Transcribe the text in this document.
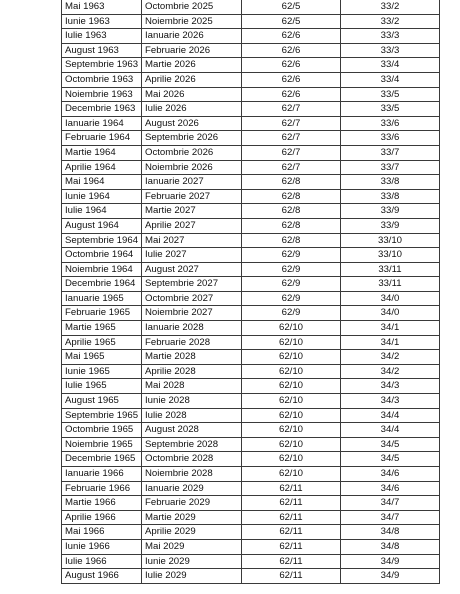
Mai 1963	Octombrie 2025	62/5	33/2
Iunie 1963	Noiembrie 2025	62/5	33/2
Iulie 1963	Ianuarie 2026	62/6	33/3
August 1963	Februarie 2026	62/6	33/3
Septembrie 1963	Martie 2026	62/6	33/4
Octombrie 1963	Aprilie 2026	62/6	33/4
Noiembrie 1963	Mai 2026	62/6	33/5
Decembrie 1963	Iulie 2026	62/7	33/5
Ianuarie 1964	August 2026	62/7	33/6
Februarie 1964	Septembrie 2026	62/7	33/6
Martie 1964	Octombrie 2026	62/7	33/7
Aprilie 1964	Noiembrie 2026	62/7	33/7
Mai 1964	Ianuarie 2027	62/8	33/8
Iunie 1964	Februarie 2027	62/8	33/8
Iulie 1964	Martie 2027	62/8	33/9
August 1964	Aprilie 2027	62/8	33/9
Septembrie 1964	Mai 2027	62/8	33/10
Octombrie 1964	Iulie 2027	62/9	33/10
Noiembrie 1964	August 2027	62/9	33/11
Decembrie 1964	Septembrie 2027	62/9	33/11
Ianuarie 1965	Octombrie 2027	62/9	34/0
Februarie 1965	Noiembrie 2027	62/9	34/0
Martie 1965	Ianuarie 2028	62/10	34/1
Aprilie 1965	Februarie 2028	62/10	34/1
Mai 1965	Martie 2028	62/10	34/2
Iunie 1965	Aprilie 2028	62/10	34/2
Iulie 1965	Mai 2028	62/10	34/3
August 1965	Iunie 2028	62/10	34/3
Septembrie 1965	Iulie 2028	62/10	34/4
Octombrie 1965	August 2028	62/10	34/4
Noiembrie 1965	Septembrie 2028	62/10	34/5
Decembrie 1965	Octombrie 2028	62/10	34/5
Ianuarie 1966	Noiembrie 2028	62/10	34/6
Februarie 1966	Ianuarie 2029	62/11	34/6
Martie 1966	Februarie 2029	62/11	34/7
Aprilie 1966	Martie 2029	62/11	34/7
Mai 1966	Aprilie 2029	62/11	34/8
Iunie 1966	Mai 2029	62/11	34/8
Iulie 1966	Iunie 2029	62/11	34/9
August 1966	Iulie 2029	62/11	34/9
